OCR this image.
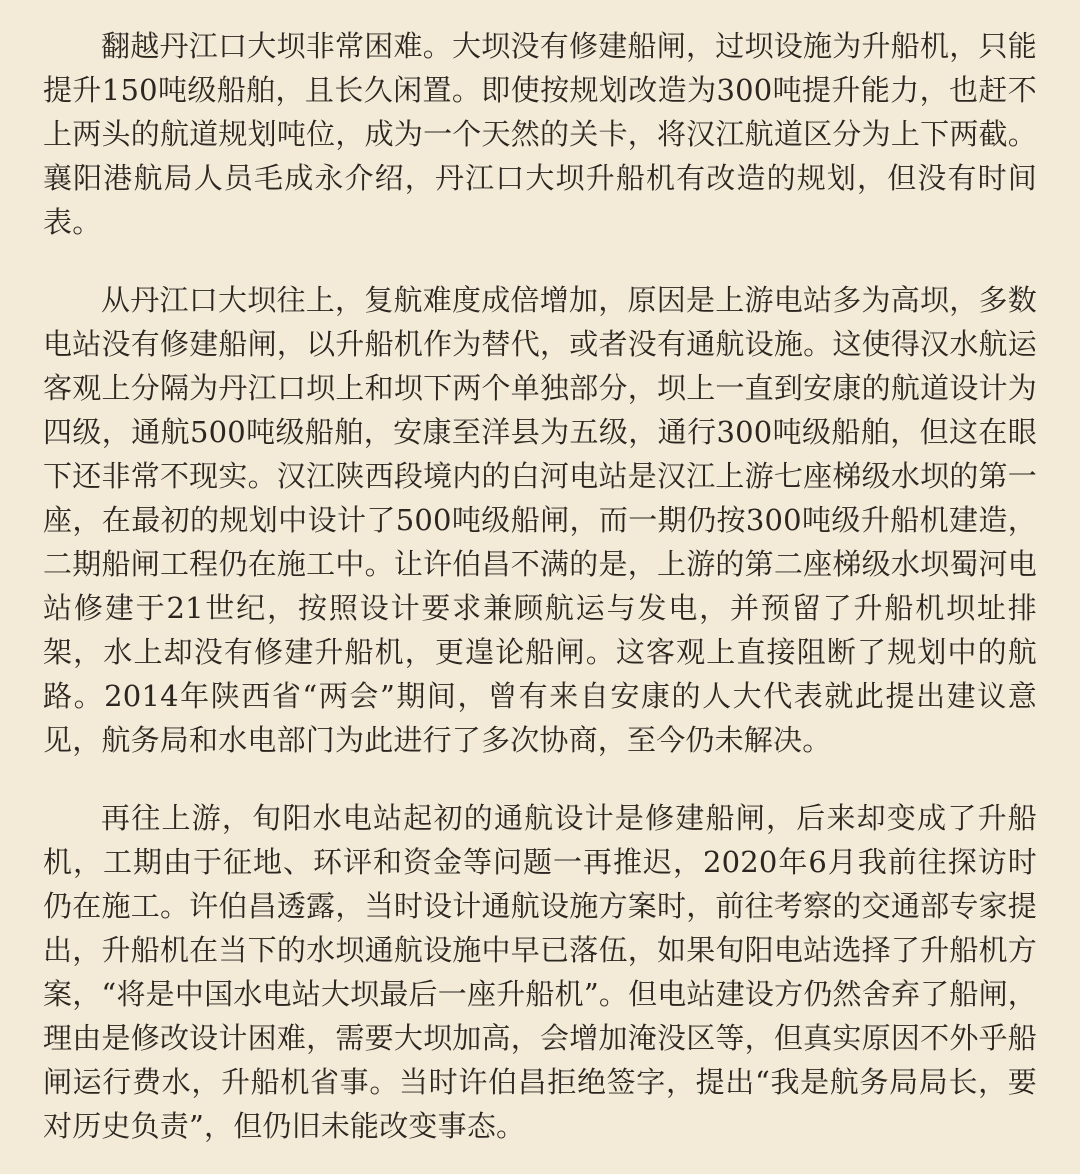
翻越丹江口大坝非常困难。大坝没有修建船闸，过坝设施为升船机，只能提升150吨级船舶，且长久闲置。即使按规划改造为300吨提升能力，也赶不上两头的航道规划吨位，成为一个天然的关卡，将汉江航道区分为上下两截。襄阳港航局人员毛成永介绍，丹江口大坝升船机有改造的规划，但没有时间表。

从丹江口大坝往上，复航难度成倍增加，原因是上游电站多为高坝，多数电站没有修建船闸，以升船机作为替代，或者没有通航设施。这使得汉水航运客观上分隔为丹江口坝上和坝下两个单独部分，坝上一直到安康的航道设计为四级，通航500吨级船舶，安康至洋县为五级，通行300吨级船舶，但这在眼下还非常不现实。汉江陕西段境内的白河电站是汉江上游七座梯级水坝的第一座，在最初的规划中设计了500吨级船闸，而一期仍按300吨级升船机建造，二期船闸工程仍在施工中。让许伯昌不满的是，上游的第二座梯级水坝蜀河电站修建于21世纪，按照设计要求兼顾航运与发电，并预留了升船机坝址排架，水上却没有修建升船机，更遑论船闸。这客观上直接阻断了规划中的航路。2014年陕西省“两会”期间，曾有来自安康的人大代表就此提出建议意见，航务局和水电部门为此进行了多次协商，至今仍未解决。

再往上游，旬阳水电站起初的通航设计是修建船闸，后来却变成了升船机，工期由于征地、环评和资金等问题一再推迟，2020年6月我前往探访时仍在施工。许伯昌透露，当时设计通航设施方案时，前往考察的交通部专家提出，升船机在当下的水坝通航设施中早已落伍，如果旬阳电站选择了升船机方案，“将是中国水电站大坝最后一座升船机”。但电站建设方仍然舍弃了船闸，理由是修改设计困难，需要大坝加高，会增加淹没区等，但真实原因不外乎船闸运行费水，升船机省事。当时许伯昌拒绝签字，提出“我是航务局局长，要对历史负责”，但仍旧未能改变事态。
